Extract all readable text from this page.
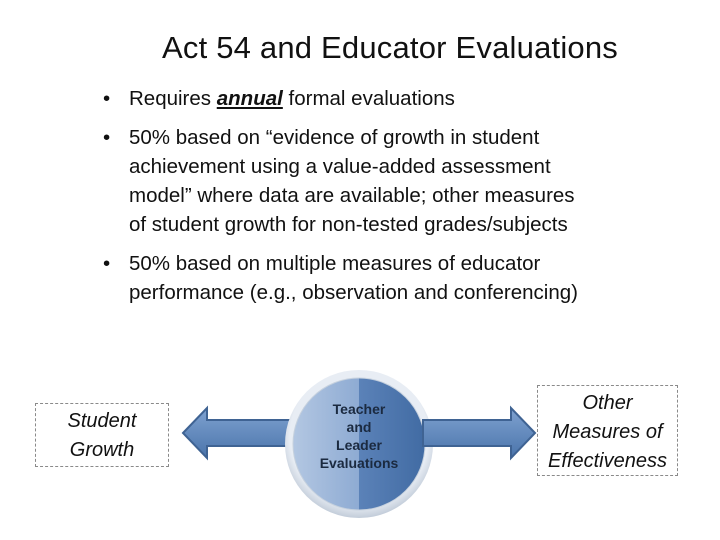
Act 54 and Educator Evaluations
• Requires annual formal evaluations
• 50% based on “evidence of growth in student
achievement using a value-added assessment
model” where data are available; other measures
of student growth for non-tested grades/subjects
• 50% based on multiple measures of educator
performance (e.g., observation and conferencing)
Student
Growth
Teacher
and
Leader
Evaluations
Other
Measures of
Effectiveness
